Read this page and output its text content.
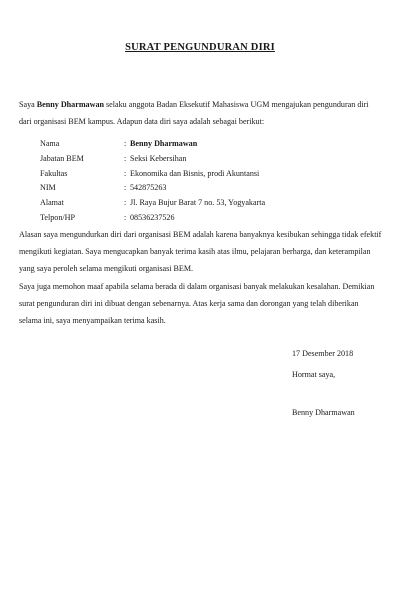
SURAT PENGUNDURAN DIRI
Saya Benny Dharmawan selaku anggota Badan Eksekutif Mahasiswa UGM mengajukan pengunduran diri dari organisasi BEM kampus. Adapun data diri saya adalah sebagai berikut:
Nama	: Benny Dharmawan
Jabatan BEM	: Seksi Kebersihan
Fakultas	: Ekonomika dan Bisnis, prodi Akuntansi
NIM	: 542875263
Alamat	: Jl. Raya Bujur Barat 7 no. 53, Yogyakarta
Telpon/HP	: 08536237526
Alasan saya mengundurkan diri dari organisasi BEM adalah karena banyaknya kesibukan sehingga tidak efektif mengikuti kegiatan. Saya mengucapkan banyak terima kasih atas ilmu, pelajaran berharga, dan keterampilan yang saya peroleh selama mengikuti organisasi BEM.
Saya juga memohon maaf apabila selama berada di dalam organisasi banyak melakukan kesalahan. Demikian surat pengunduran diri ini dibuat dengan sebenarnya. Atas kerja sama dan dorongan yang telah diberikan selama ini, saya menyampaikan terima kasih.
17 Desember 2018
Hormat saya,
Benny Dharmawan
